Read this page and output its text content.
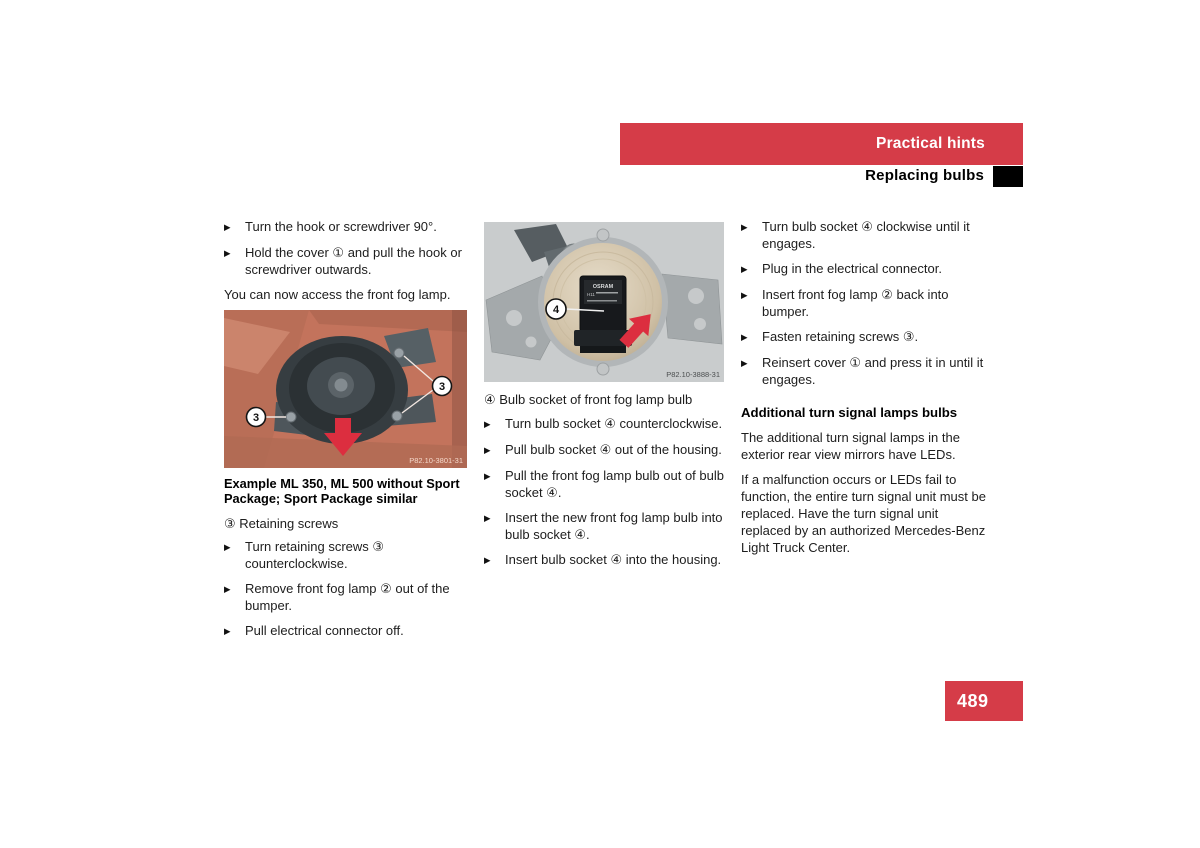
Practical hints
Replacing bulbs
▶	Turn the hook or screwdriver 90°.
▶	Hold the cover ① and pull the hook or screwdriver outwards.
You can now access the front fog lamp.
3
3
P82.10-3801-31
Example ML 350, ML 500 without Sport Package; Sport Package similar
③ Retaining screws
▶	Turn retaining screws ③ counterclockwise.
▶	Remove front fog lamp ② out of the bumper.
▶	Pull electrical connector off.
OSRAM
H11
4
P82.10-3888-31
④ Bulb socket of front fog lamp bulb
▶	Turn bulb socket ④ counterclockwise.
▶	Pull bulb socket ④ out of the housing.
▶	Pull the front fog lamp bulb out of bulb socket ④.
▶	Insert the new front fog lamp bulb into bulb socket ④.
▶	Insert bulb socket ④ into the housing.
▶	Turn bulb socket ④ clockwise until it engages.
▶	Plug in the electrical connector.
▶	Insert front fog lamp ② back into bumper.
▶	Fasten retaining screws ③.
▶	Reinsert cover ① and press it in until it engages.
Additional turn signal lamps bulbs
The additional turn signal lamps in the exterior rear view mirrors have LEDs.
If a malfunction occurs or LEDs fail to function, the entire turn signal unit must be replaced. Have the turn signal unit replaced by an authorized Mercedes-Benz Light Truck Center.
489
